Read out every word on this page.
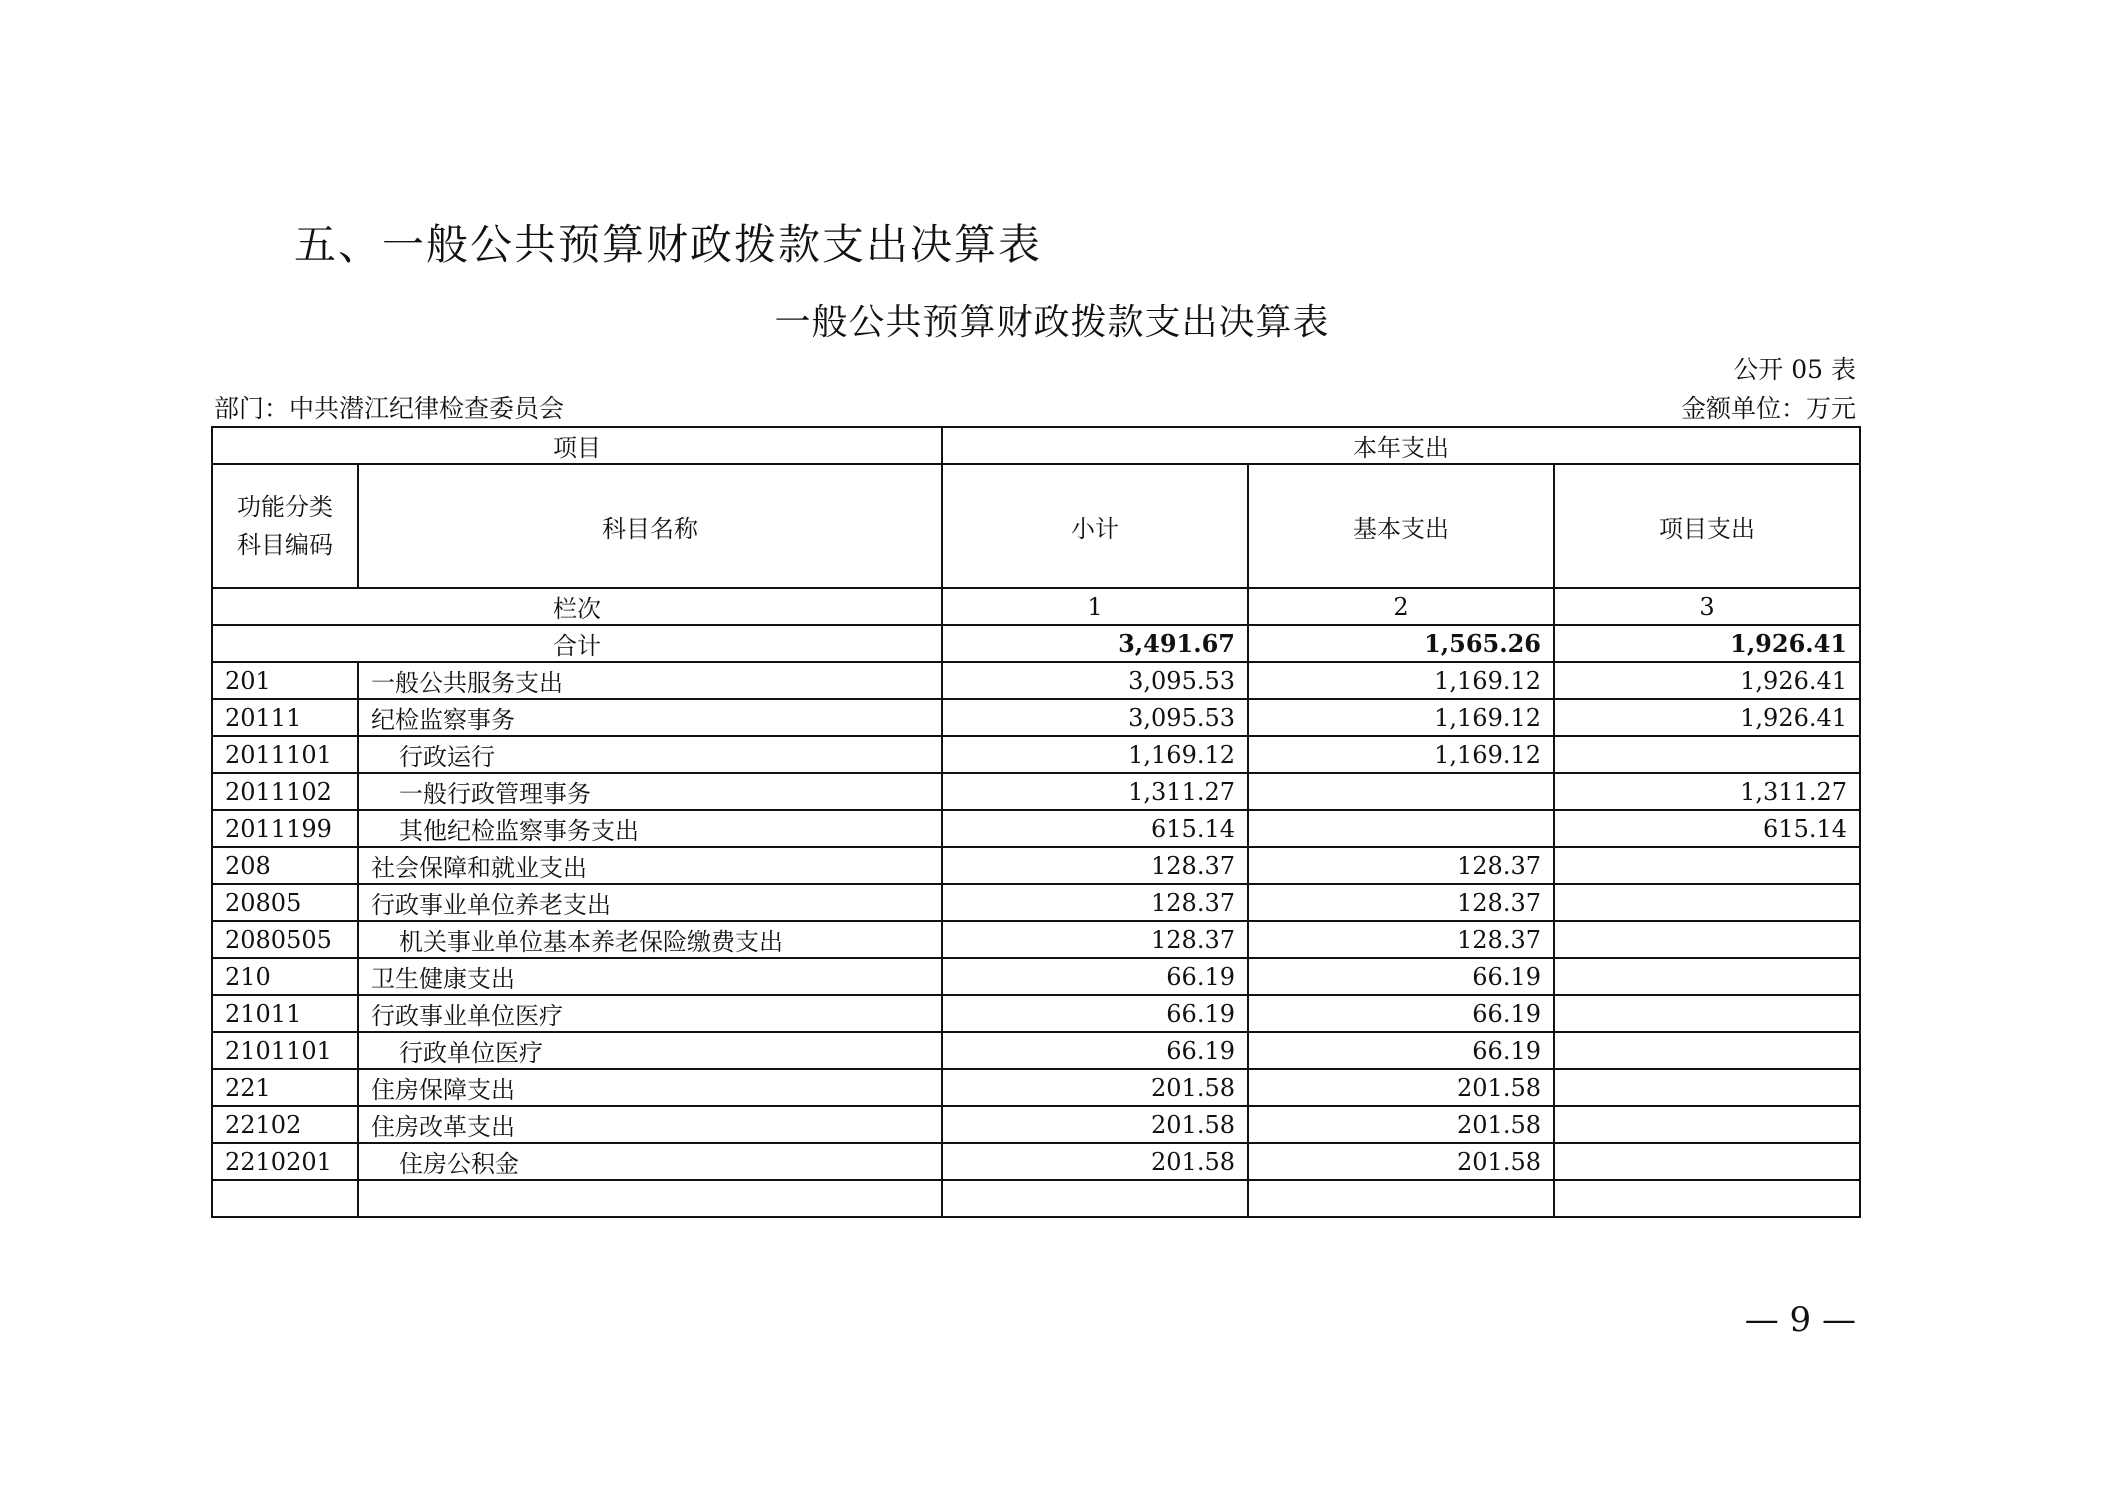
五、一般公共预算财政拨款支出决算表
一般公共预算财政拨款支出决算表
公开 05 表
部门：中共潜江纪律检查委员会	金额单位：万元
项目		本年支出		

功能分类
科目编码	科目名称	小计	基本支出	项目支出
栏次		1	2	3
合计		3,491.67	1,565.26	1,926.41
201	一般公共服务支出	3,095.53	1,169.12	1,926.41
20111	纪检监察事务	3,095.53	1,169.12	1,926.41
2011101	行政运行	1,169.12	1,169.12	
2011102	一般行政管理事务	1,311.27		1,311.27
2011199	其他纪检监察事务支出	615.14		615.14
208	社会保障和就业支出	128.37	128.37	
20805	行政事业单位养老支出	128.37	128.37	
2080505	机关事业单位基本养老保险缴费支出	128.37	128.37	
210	卫生健康支出	66.19	66.19	
21011	行政事业单位医疗	66.19	66.19	
2101101	行政单位医疗	66.19	66.19	
221	住房保障支出	201.58	201.58	
22102	住房改革支出	201.58	201.58	
2210201	住房公积金	201.58	201.58	

— 9 —
